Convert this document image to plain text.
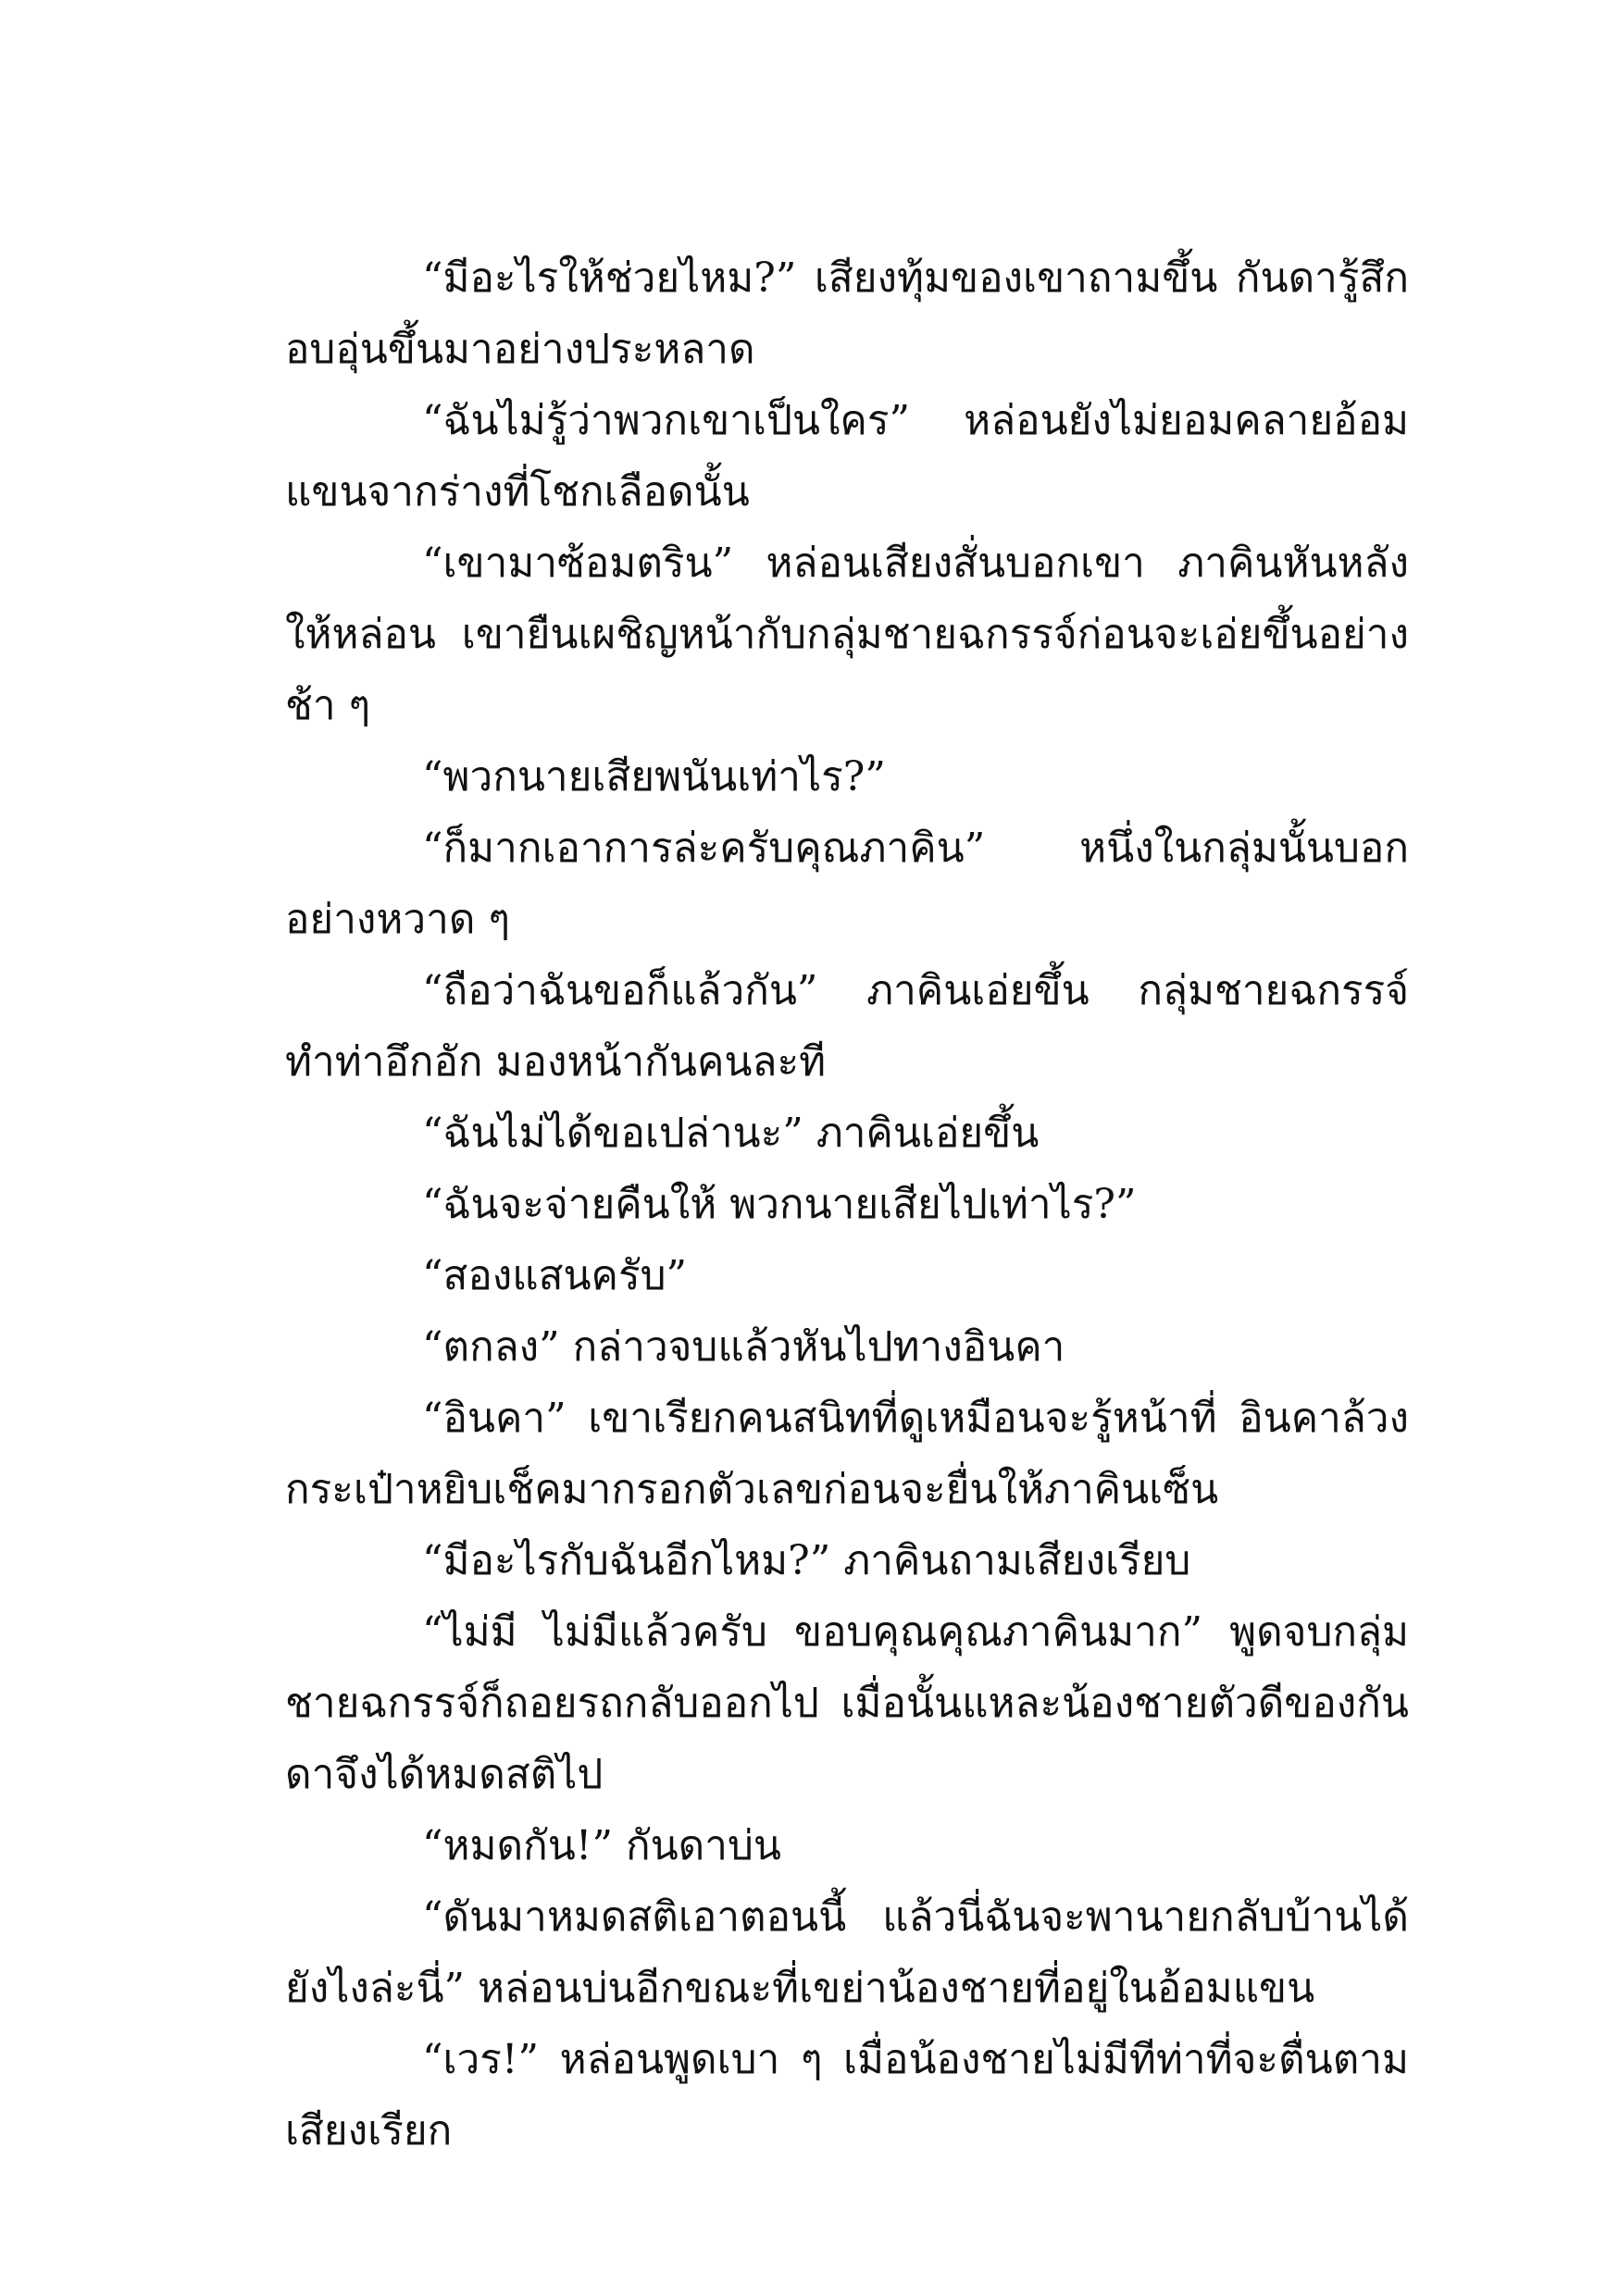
“มีอะไรให้ช่วยไหม?” เสียงทุ้มของเขาถามขึ้น กันดารู้สึกอบอุ่นขึ้นมาอย่างประหลาด

“ฉันไม่รู้ว่าพวกเขาเป็นใคร” หล่อนยังไม่ยอมคลายอ้อมแขนจากร่างที่โชกเลือดนั้น

“เขามาซ้อมตริน” หล่อนเสียงสั่นบอกเขา ภาคินหันหลังให้หล่อน เขายืนเผชิญหน้ากับกลุ่มชายฉกรรจ์ก่อนจะเอ่ยขึ้นอย่างช้า ๆ

“พวกนายเสียพนันเท่าไร?”

“ก็มากเอาการล่ะครับคุณภาคิน” หนึ่งในกลุ่มนั้นบอกอย่างหวาด ๆ

“ถือว่าฉันขอก็แล้วกัน” ภาคินเอ่ยขึ้น กลุ่มชายฉกรรจ์ทำท่าอึกอัก มองหน้ากันคนละที

“ฉันไม่ได้ขอเปล่านะ” ภาคินเอ่ยขึ้น

“ฉันจะจ่ายคืนให้ พวกนายเสียไปเท่าไร?”

“สองแสนครับ”

“ตกลง” กล่าวจบแล้วหันไปทางอินคา

“อินคา” เขาเรียกคนสนิทที่ดูเหมือนจะรู้หน้าที่ อินคาล้วงกระเป๋าหยิบเช็คมากรอกตัวเลขก่อนจะยื่นให้ภาคินเซ็น

“มีอะไรกับฉันอีกไหม?” ภาคินถามเสียงเรียบ

“ไม่มี ไม่มีแล้วครับ ขอบคุณคุณภาคินมาก” พูดจบกลุ่มชายฉกรรจ์ก็ถอยรถกลับออกไป เมื่อนั้นแหละน้องชายตัวดีของกันดาจึงได้หมดสติไป

“หมดกัน!” กันดาบ่น

“ดันมาหมดสติเอาตอนนี้ แล้วนี่ฉันจะพานายกลับบ้านได้ยังไงล่ะนี่” หล่อนบ่นอีกขณะที่เขย่าน้องชายที่อยู่ในอ้อมแขน

“เวร!” หล่อนพูดเบา ๆ เมื่อน้องชายไม่มีทีท่าที่จะตื่นตามเสียงเรียก
